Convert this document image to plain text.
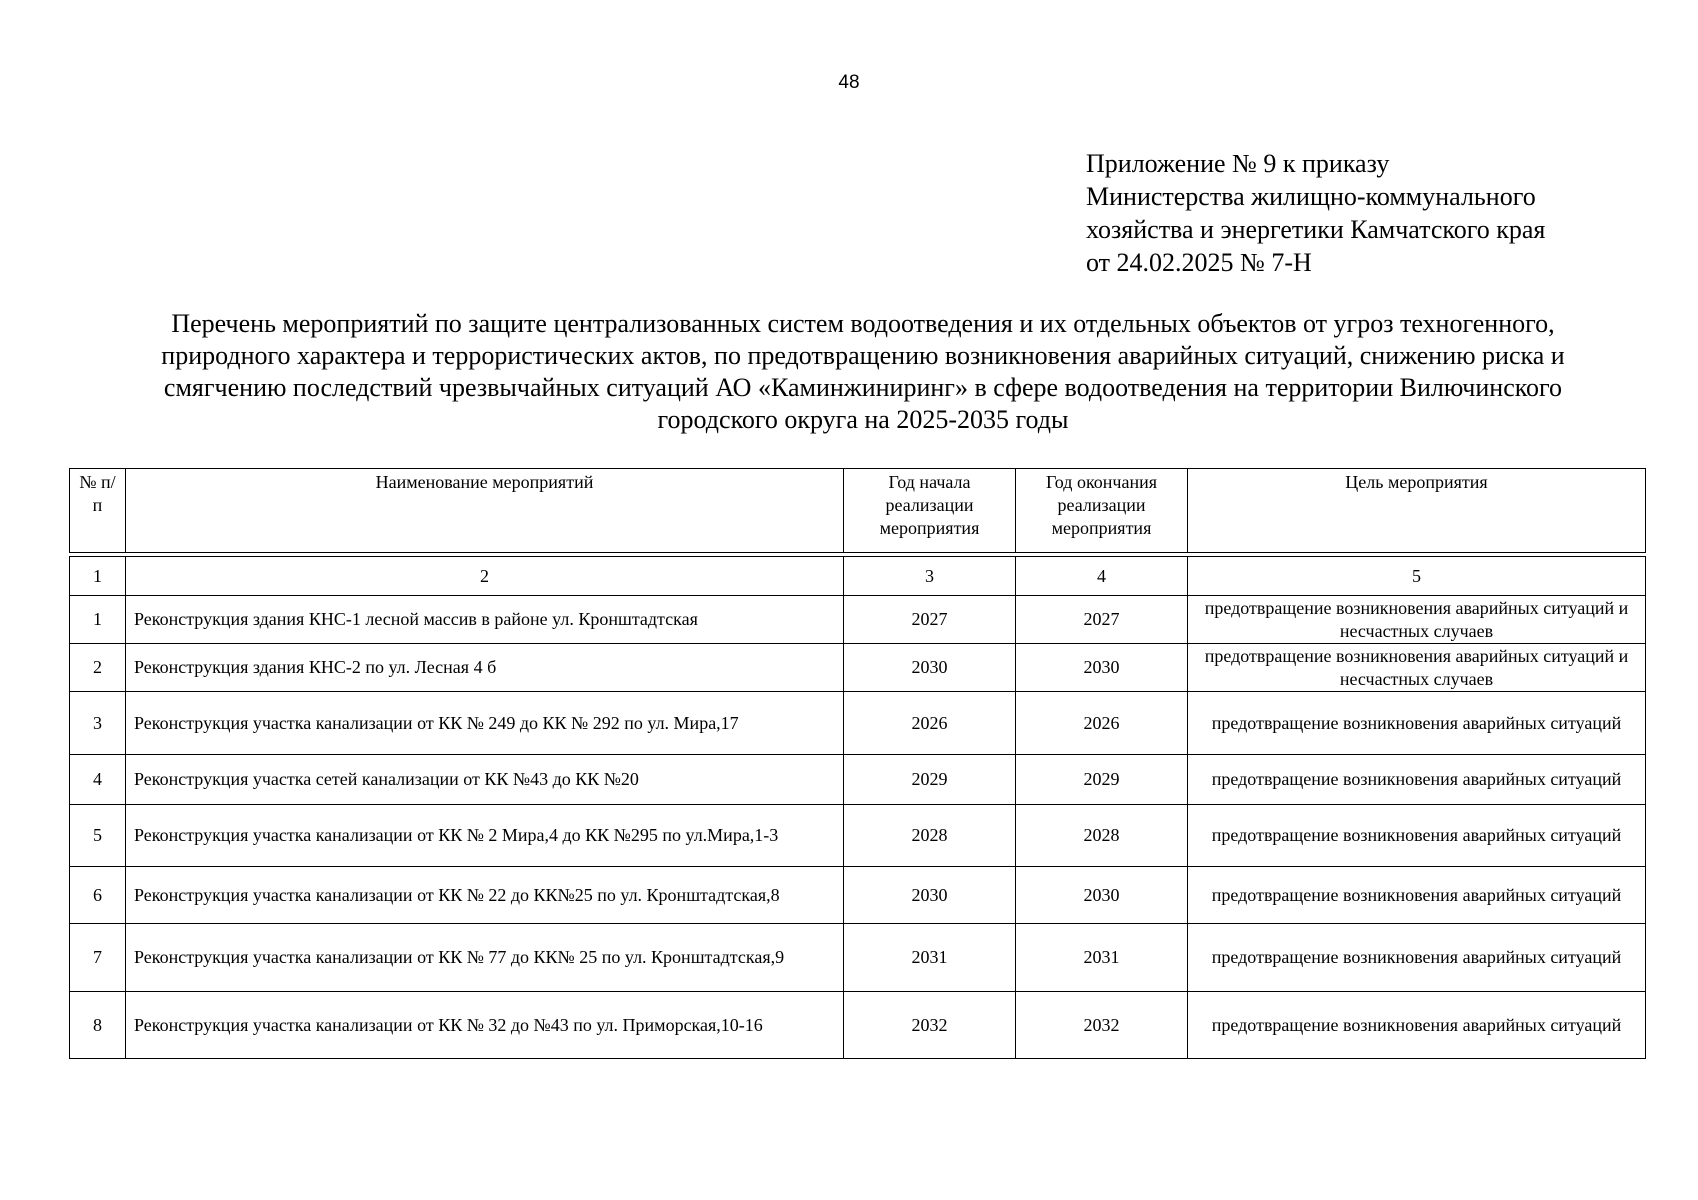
48
Приложение № 9 к приказу
Министерства жилищно-коммунального
хозяйства и энергетики Камчатского края
от 24.02.2025 № 7-Н
Перечень мероприятий по защите централизованных систем водоотведения и их отдельных объектов от угроз техногенного,
природного характера и террористических актов, по предотвращению возникновения аварийных ситуаций, снижению риска и
смягчению последствий чрезвычайных ситуаций АО «Каминжиниринг» в сфере водоотведения на территории Вилючинского
городского округа на 2025-2035 годы
№ п/п	Наименование мероприятий	Год начала реализации мероприятия	Год окончания реализации мероприятия	Цель мероприятия

1	2	3	4	5
1	Реконструкция здания КНС-1 лесной массив в районе ул. Кронштадтская	2027	2027	предотвращение возникновения аварийных ситуаций и несчастных случаев
2	Реконструкция здания КНС-2 по ул. Лесная 4 б	2030	2030	предотвращение возникновения аварийных ситуаций и несчастных случаев
3	Реконструкция участка канализации от КК № 249 до КК № 292 по ул. Мира,17	2026	2026	предотвращение возникновения аварийных ситуаций
4	Реконструкция участка сетей канализации от КК №43 до КК №20	2029	2029	предотвращение возникновения аварийных ситуаций
5	Реконструкция участка канализации от КК № 2 Мира,4 до КК №295 по ул.Мира,1-3	2028	2028	предотвращение возникновения аварийных ситуаций
6	Реконструкция участка канализации от КК № 22 до КК№25 по ул. Кронштадтская,8	2030	2030	предотвращение возникновения аварийных ситуаций
7	Реконструкция участка канализации от КК № 77 до КК№ 25 по ул. Кронштадтская,9	2031	2031	предотвращение возникновения аварийных ситуаций
8	Реконструкция участка канализации от КК № 32 до №43 по ул. Приморская,10-16	2032	2032	предотвращение возникновения аварийных ситуаций
